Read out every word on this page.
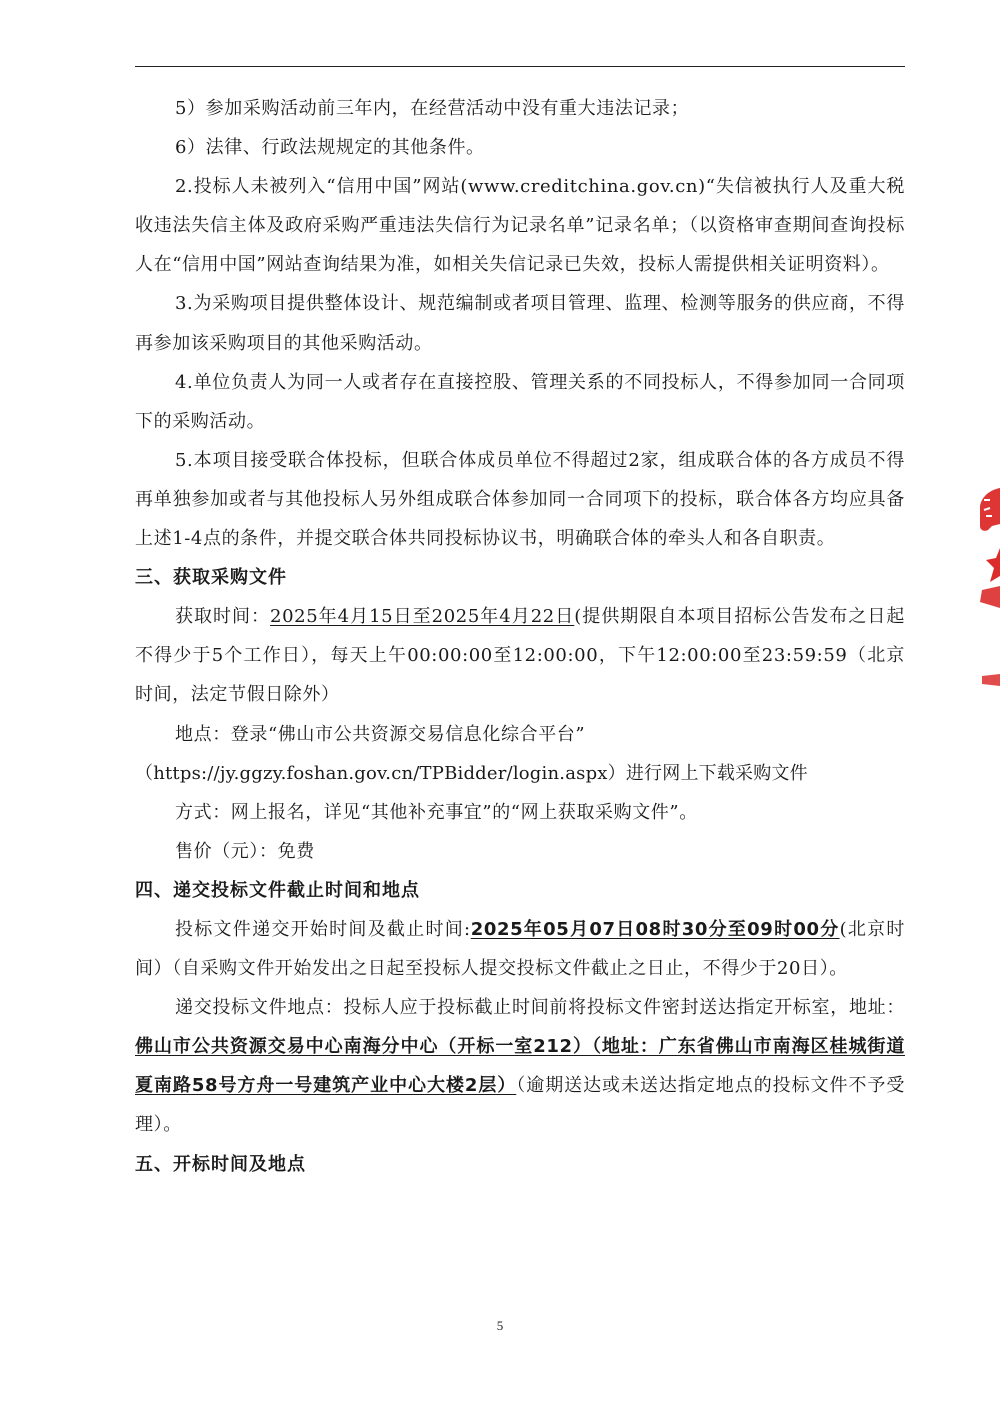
5）参加采购活动前三年内，在经营活动中没有重大违法记录；

6）法律、行政法规规定的其他条件。

2.投标人未被列入“信用中国”网站(www.creditchina.gov.cn)“失信被执行人及重大税收违法失信主体及政府采购严重违法失信行为记录名单”记录名单；（以资格审查期间查询投标人在“信用中国”网站查询结果为准，如相关失信记录已失效，投标人需提供相关证明资料）。

3.为采购项目提供整体设计、规范编制或者项目管理、监理、检测等服务的供应商，不得再参加该采购项目的其他采购活动。

4.单位负责人为同一人或者存在直接控股、管理关系的不同投标人，不得参加同一合同项下的采购活动。

5.本项目接受联合体投标，但联合体成员单位不得超过2家，组成联合体的各方成员不得再单独参加或者与其他投标人另外组成联合体参加同一合同项下的投标，联合体各方均应具备上述1-4点的条件，并提交联合体共同投标协议书，明确联合体的牵头人和各自职责。

三、获取采购文件

获取时间：2025年4月15日至2025年4月22日(提供期限自本项目招标公告发布之日起不得少于5个工作日），每天上午00:00:00至12:00:00，下午12:00:00至23:59:59（北京时间，法定节假日除外）

地点：登录“佛山市公共资源交易信息化综合平台”

（https://jy.ggzy.foshan.gov.cn/TPBidder/login.aspx）进行网上下载采购文件

方式：网上报名，详见“其他补充事宜”的“网上获取采购文件”。

售价（元）：免费

四、递交投标文件截止时间和地点

投标文件递交开始时间及截止时间:2025年05月07日08时30分至09时00分(北京时间）（自采购文件开始发出之日起至投标人提交投标文件截止之日止，不得少于20日）。

递交投标文件地点：投标人应于投标截止时间前将投标文件密封送达指定开标室，地址：佛山市公共资源交易中心南海分中心（开标一室212）（地址：广东省佛山市南海区桂城街道夏南路58号方舟一号建筑产业中心大楼2层）（逾期送达或未送达指定地点的投标文件不予受理）。

五、开标时间及地点

5
